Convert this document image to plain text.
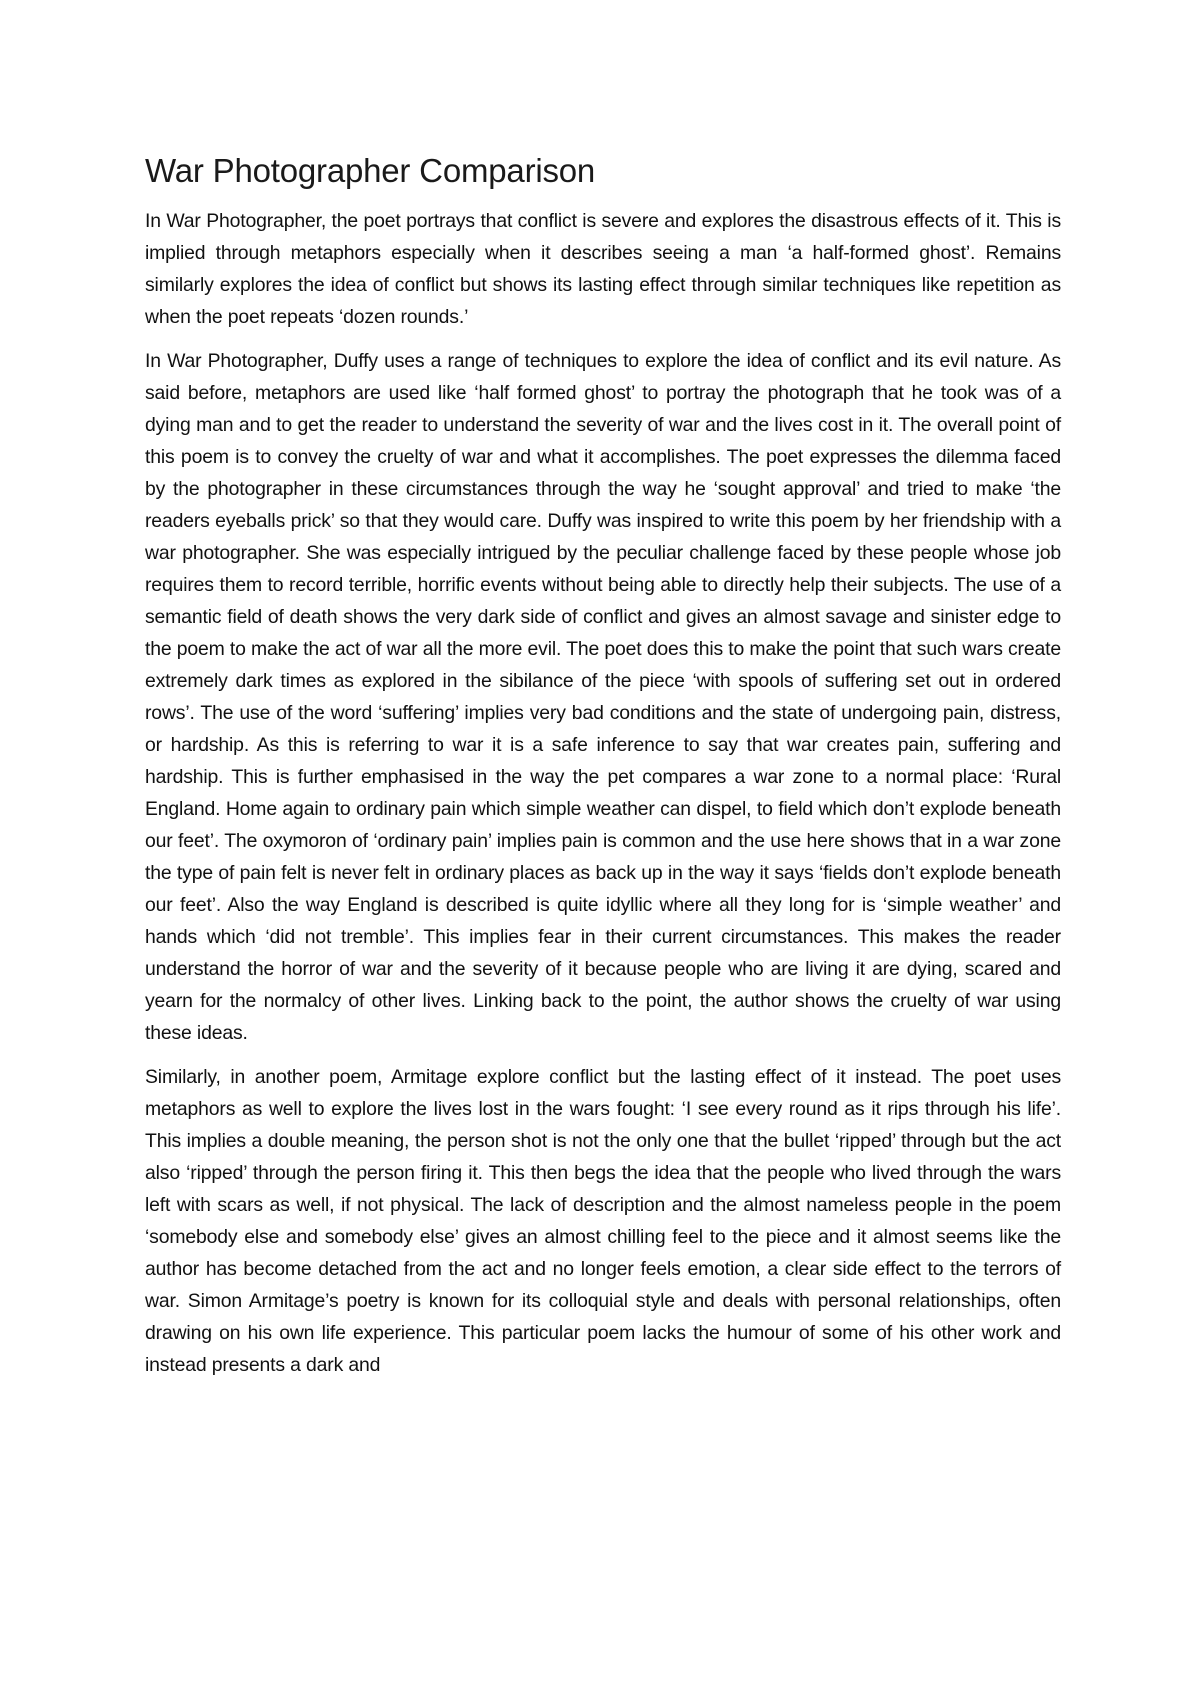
War Photographer Comparison

In War Photographer, the poet portrays that conflict is severe and explores the disastrous effects of it. This is implied through metaphors especially when it describes seeing a man ‘a half-formed ghost’. Remains similarly explores the idea of conflict but shows its lasting effect through similar techniques like repetition as when the poet repeats ‘dozen rounds.’

In War Photographer, Duffy uses a range of techniques to explore the idea of conflict and its evil nature. As said before, metaphors are used like ‘half formed ghost’ to portray the photograph that he took was of a dying man and to get the reader to understand the severity of war and the lives cost in it. The overall point of this poem is to convey the cruelty of war and what it accomplishes. The poet expresses the dilemma faced by the photographer in these circumstances through the way he ‘sought approval’ and tried to make ‘the readers eyeballs prick’ so that they would care. Duffy was inspired to write this poem by her friendship with a war photographer. She was especially intrigued by the peculiar challenge faced by these people whose job requires them to record terrible, horrific events without being able to directly help their subjects. The use of a semantic field of death shows the very dark side of conflict and gives an almost savage and sinister edge to the poem to make the act of war all the more evil. The poet does this to make the point that such wars create extremely dark times as explored in the sibilance of the piece ‘with spools of suffering set out in ordered rows’. The use of the word ‘suffering’ implies very bad conditions and the state of undergoing pain, distress, or hardship. As this is referring to war it is a safe inference to say that war creates pain, suffering and hardship. This is further emphasised in the way the pet compares a war zone to a normal place: ‘Rural England. Home again to ordinary pain which simple weather can dispel, to field which don’t explode beneath our feet’. The oxymoron of ‘ordinary pain’ implies pain is common and the use here shows that in a war zone the type of pain felt is never felt in ordinary places as back up in the way it says ‘fields don’t explode beneath our feet’. Also the way England is described is quite idyllic where all they long for is ‘simple weather’ and hands which ‘did not tremble’. This implies fear in their current circumstances. This makes the reader understand the horror of war and the severity of it because people who are living it are dying, scared and yearn for the normalcy of other lives. Linking back to the point, the author shows the cruelty of war using these ideas.

Similarly, in another poem, Armitage explore conflict but the lasting effect of it instead. The poet uses metaphors as well to explore the lives lost in the wars fought: ‘I see every round as it rips through his life’. This implies a double meaning, the person shot is not the only one that the bullet ‘ripped’ through but the act also ‘ripped’ through the person firing it. This then begs the idea that the people who lived through the wars left with scars as well, if not physical. The lack of description and the almost nameless people in the poem ‘somebody else and somebody else’ gives an almost chilling feel to the piece and it almost seems like the author has become detached from the act and no longer feels emotion, a clear side effect to the terrors of war. Simon Armitage’s poetry is known for its colloquial style and deals with personal relationships, often drawing on his own life experience. This particular poem lacks the humour of some of his other work and instead presents a dark and
